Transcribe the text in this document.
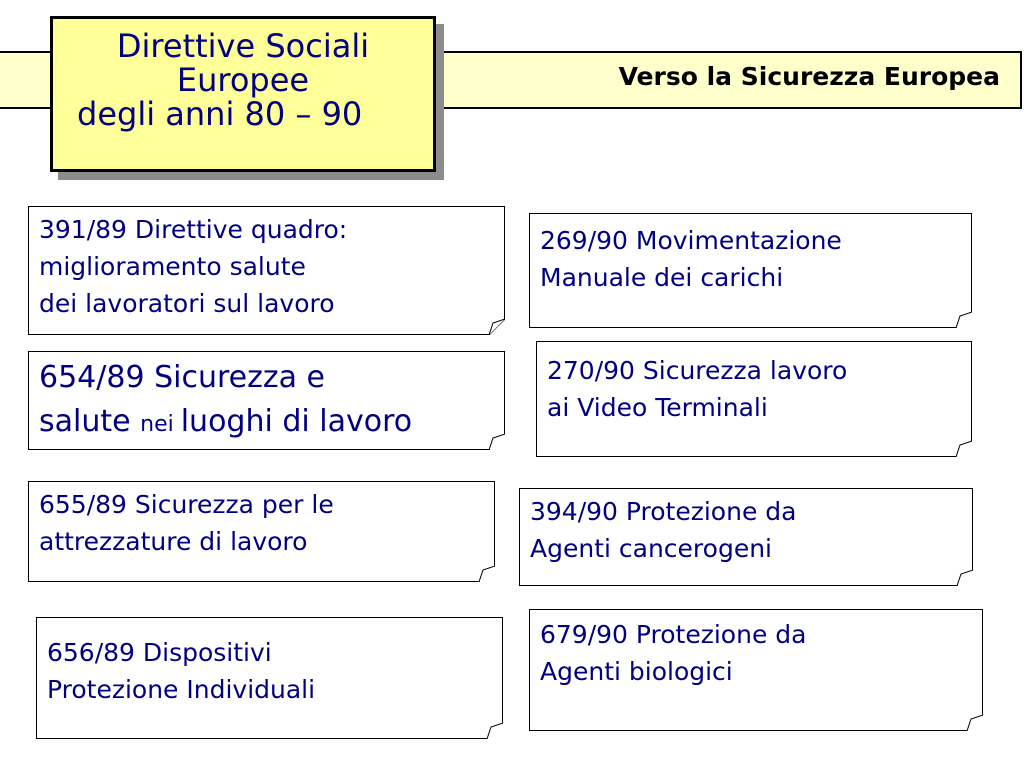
Verso la Sicurezza Europea
Direttive Sociali
Europee
degli anni 80 – 90
391/89 Direttive quadro:
miglioramento salute
dei lavoratori sul lavoro
654/89 Sicurezza e
salute nei luoghi di lavoro
655/89 Sicurezza per le
attrezzature di lavoro
656/89 Dispositivi
Protezione Individuali
269/90 Movimentazione
Manuale dei carichi
270/90 Sicurezza lavoro
ai Video Terminali
394/90 Protezione da
Agenti cancerogeni
679/90 Protezione da
Agenti biologici
